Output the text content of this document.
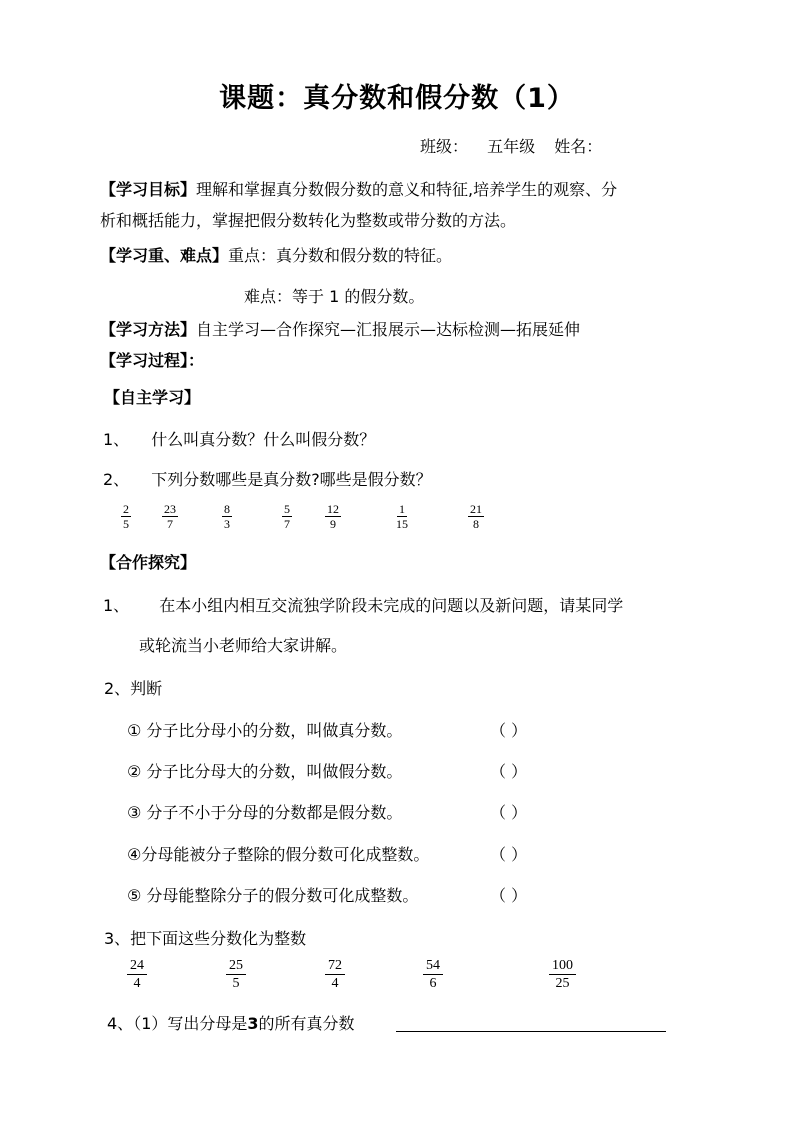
课题：真分数和假分数（1）
班级： 五年级 姓名：
【学习目标】理解和掌握真分数假分数的意义和特征,培养学生的观察、分
析和概括能力，掌握把假分数转化为整数或带分数的方法。
【学习重、难点】重点：真分数和假分数的特征。
难点：等于 1 的假分数。
【学习方法】自主学习—合作探究—汇报展示—达标检测—拓展延伸
【学习过程】：
【自主学习】
1、 什么叫真分数？什么叫假分数？
2、 下列分数哪些是真分数?哪些是假分数？
$\frac{2}{5}$	$\frac{23}{7}$	$\frac{8}{3}$	$\frac{5}{7}$	$\frac{12}{9}$	$\frac{1}{15}$	$\frac{21}{8}$
【合作探究】
1、 在本小组内相互交流独学阶段未完成的问题以及新问题，请某同学
或轮流当小老师给大家讲解。
2、判断
① 分子比分母小的分数，叫做真分数。	（ ）
② 分子比分母大的分数，叫做假分数。	（ ）
③ 分子不小于分母的分数都是假分数。	（ ）
④分母能被分子整除的假分数可化成整数。	（ ）
⑤ 分母能整除分子的假分数可化成整数。	（ ）
3、把下面这些分数化为整数
$\frac{24}{4}$	$\frac{25}{5}$	$\frac{72}{4}$	$\frac{54}{6}$	$\frac{100}{25}$
4、（1）写出分母是3的所有真分数
